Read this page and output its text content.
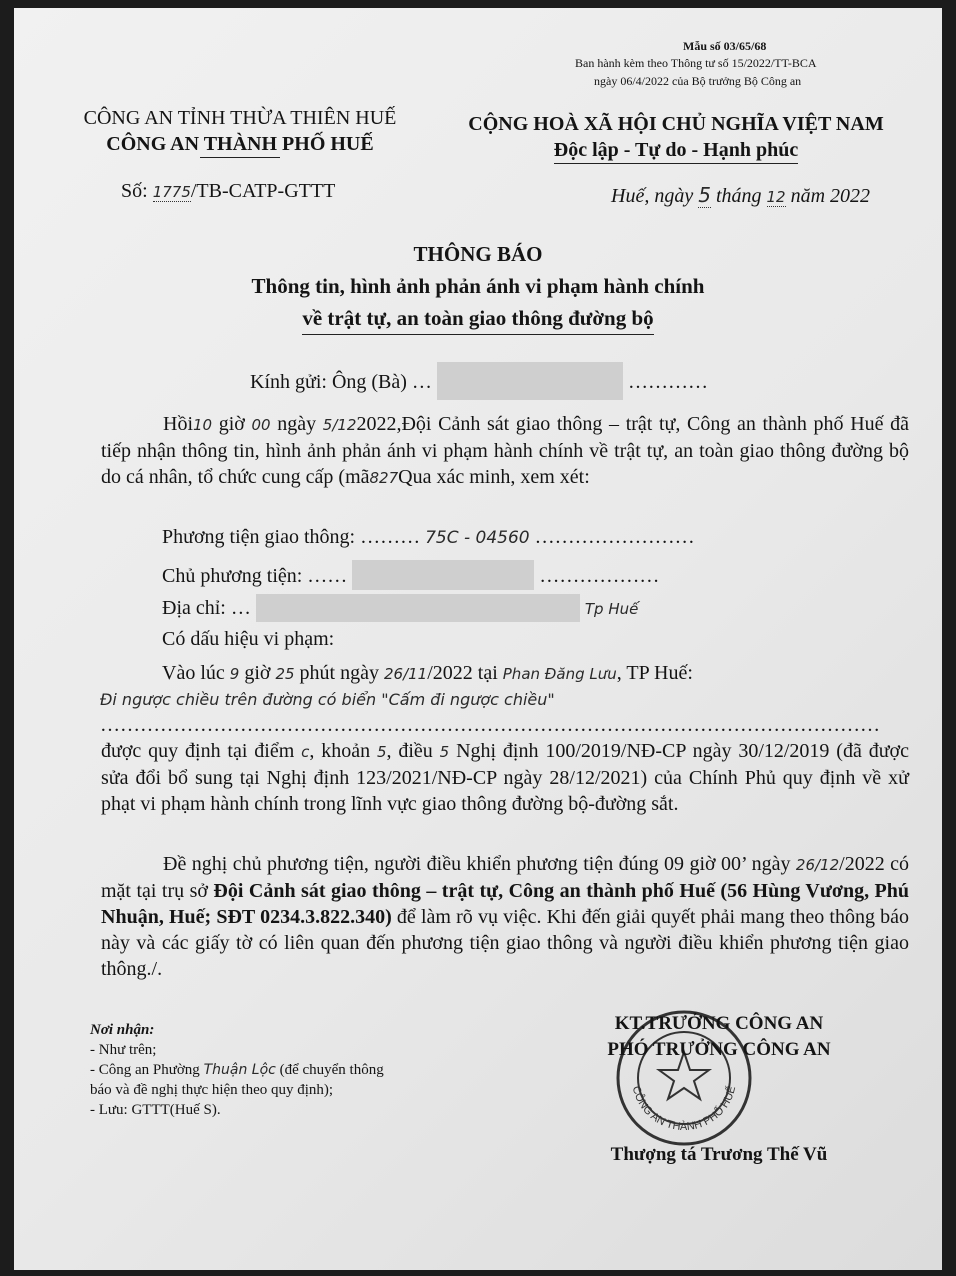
Mẫu số 03/65/68
Ban hành kèm theo Thông tư số 15/2022/TT-BCA
ngày 06/4/2022 của Bộ trưởng Bộ Công an
CÔNG AN TỈNH THỪA THIÊN HUẾ
CÔNG AN THÀNH PHỐ HUẾ
CỘNG HOÀ XÃ HỘI CHỦ NGHĨA VIỆT NAM
Độc lập - Tự do - Hạnh phúc
Số: 1775/TB-CATP-GTTT	Huế, ngày 5 tháng 12 năm 2022
THÔNG BÁO
Thông tin, hình ảnh phản ánh vi phạm hành chính
về trật tự, an toàn giao thông đường bộ
Kính gửi: Ông (Bà) …	…………
Hồi10 giờ 00 ngày 5/122022,Đội Cảnh sát giao thông – trật tự, Công an thành phố Huế đã tiếp nhận thông tin, hình ảnh phản ánh vi phạm hành chính về trật tự, an toàn giao thông đường bộ do cá nhân, tổ chức cung cấp (mã827Qua xác minh, xem xét:
Phương tiện giao thông: ……… 75C - 04560 ……………………
Chủ phương tiện: ……	………………
Địa chỉ: …	Tp Huế
Có dấu hiệu vi phạm:
Vào lúc 9 giờ 25 phút ngày 26/11/2022 tại Phan Đăng Lưu, TP Huế:
Đi ngược chiều trên đường có biển "Cấm đi ngược chiều"
………………………………………………………………………………………………………
được quy định tại điểm c, khoản 5, điều 5 Nghị định 100/2019/NĐ-CP ngày 30/12/2019 (đã được sửa đổi bổ sung tại Nghị định 123/2021/NĐ-CP ngày 28/12/2021) của Chính Phủ quy định về xử phạt vi phạm hành chính trong lĩnh vực giao thông đường bộ-đường sắt.
Đề nghị chủ phương tiện, người điều khiển phương tiện đúng 09 giờ 00’ ngày 26/12/2022 có mặt tại trụ sở Đội Cảnh sát giao thông – trật tự, Công an thành phố Huế (56 Hùng Vương, Phú Nhuận, Huế; SĐT 0234.3.822.340) để làm rõ vụ việc. Khi đến giải quyết phải mang theo thông báo này và các giấy tờ có liên quan đến phương tiện giao thông và người điều khiển phương tiện giao thông./.
Nơi nhận:
- Như trên;
- Công an Phường Thuận Lộc (để chuyển thông
báo và đề nghị thực hiện theo quy định);
- Lưu: GTTT(Huế S).
CÔNG AN THÀNH PHỐ HUẾ
KT.TRƯỞNG CÔNG AN
PHÓ TRƯỞNG CÔNG AN
Thượng tá Trương Thế Vũ
